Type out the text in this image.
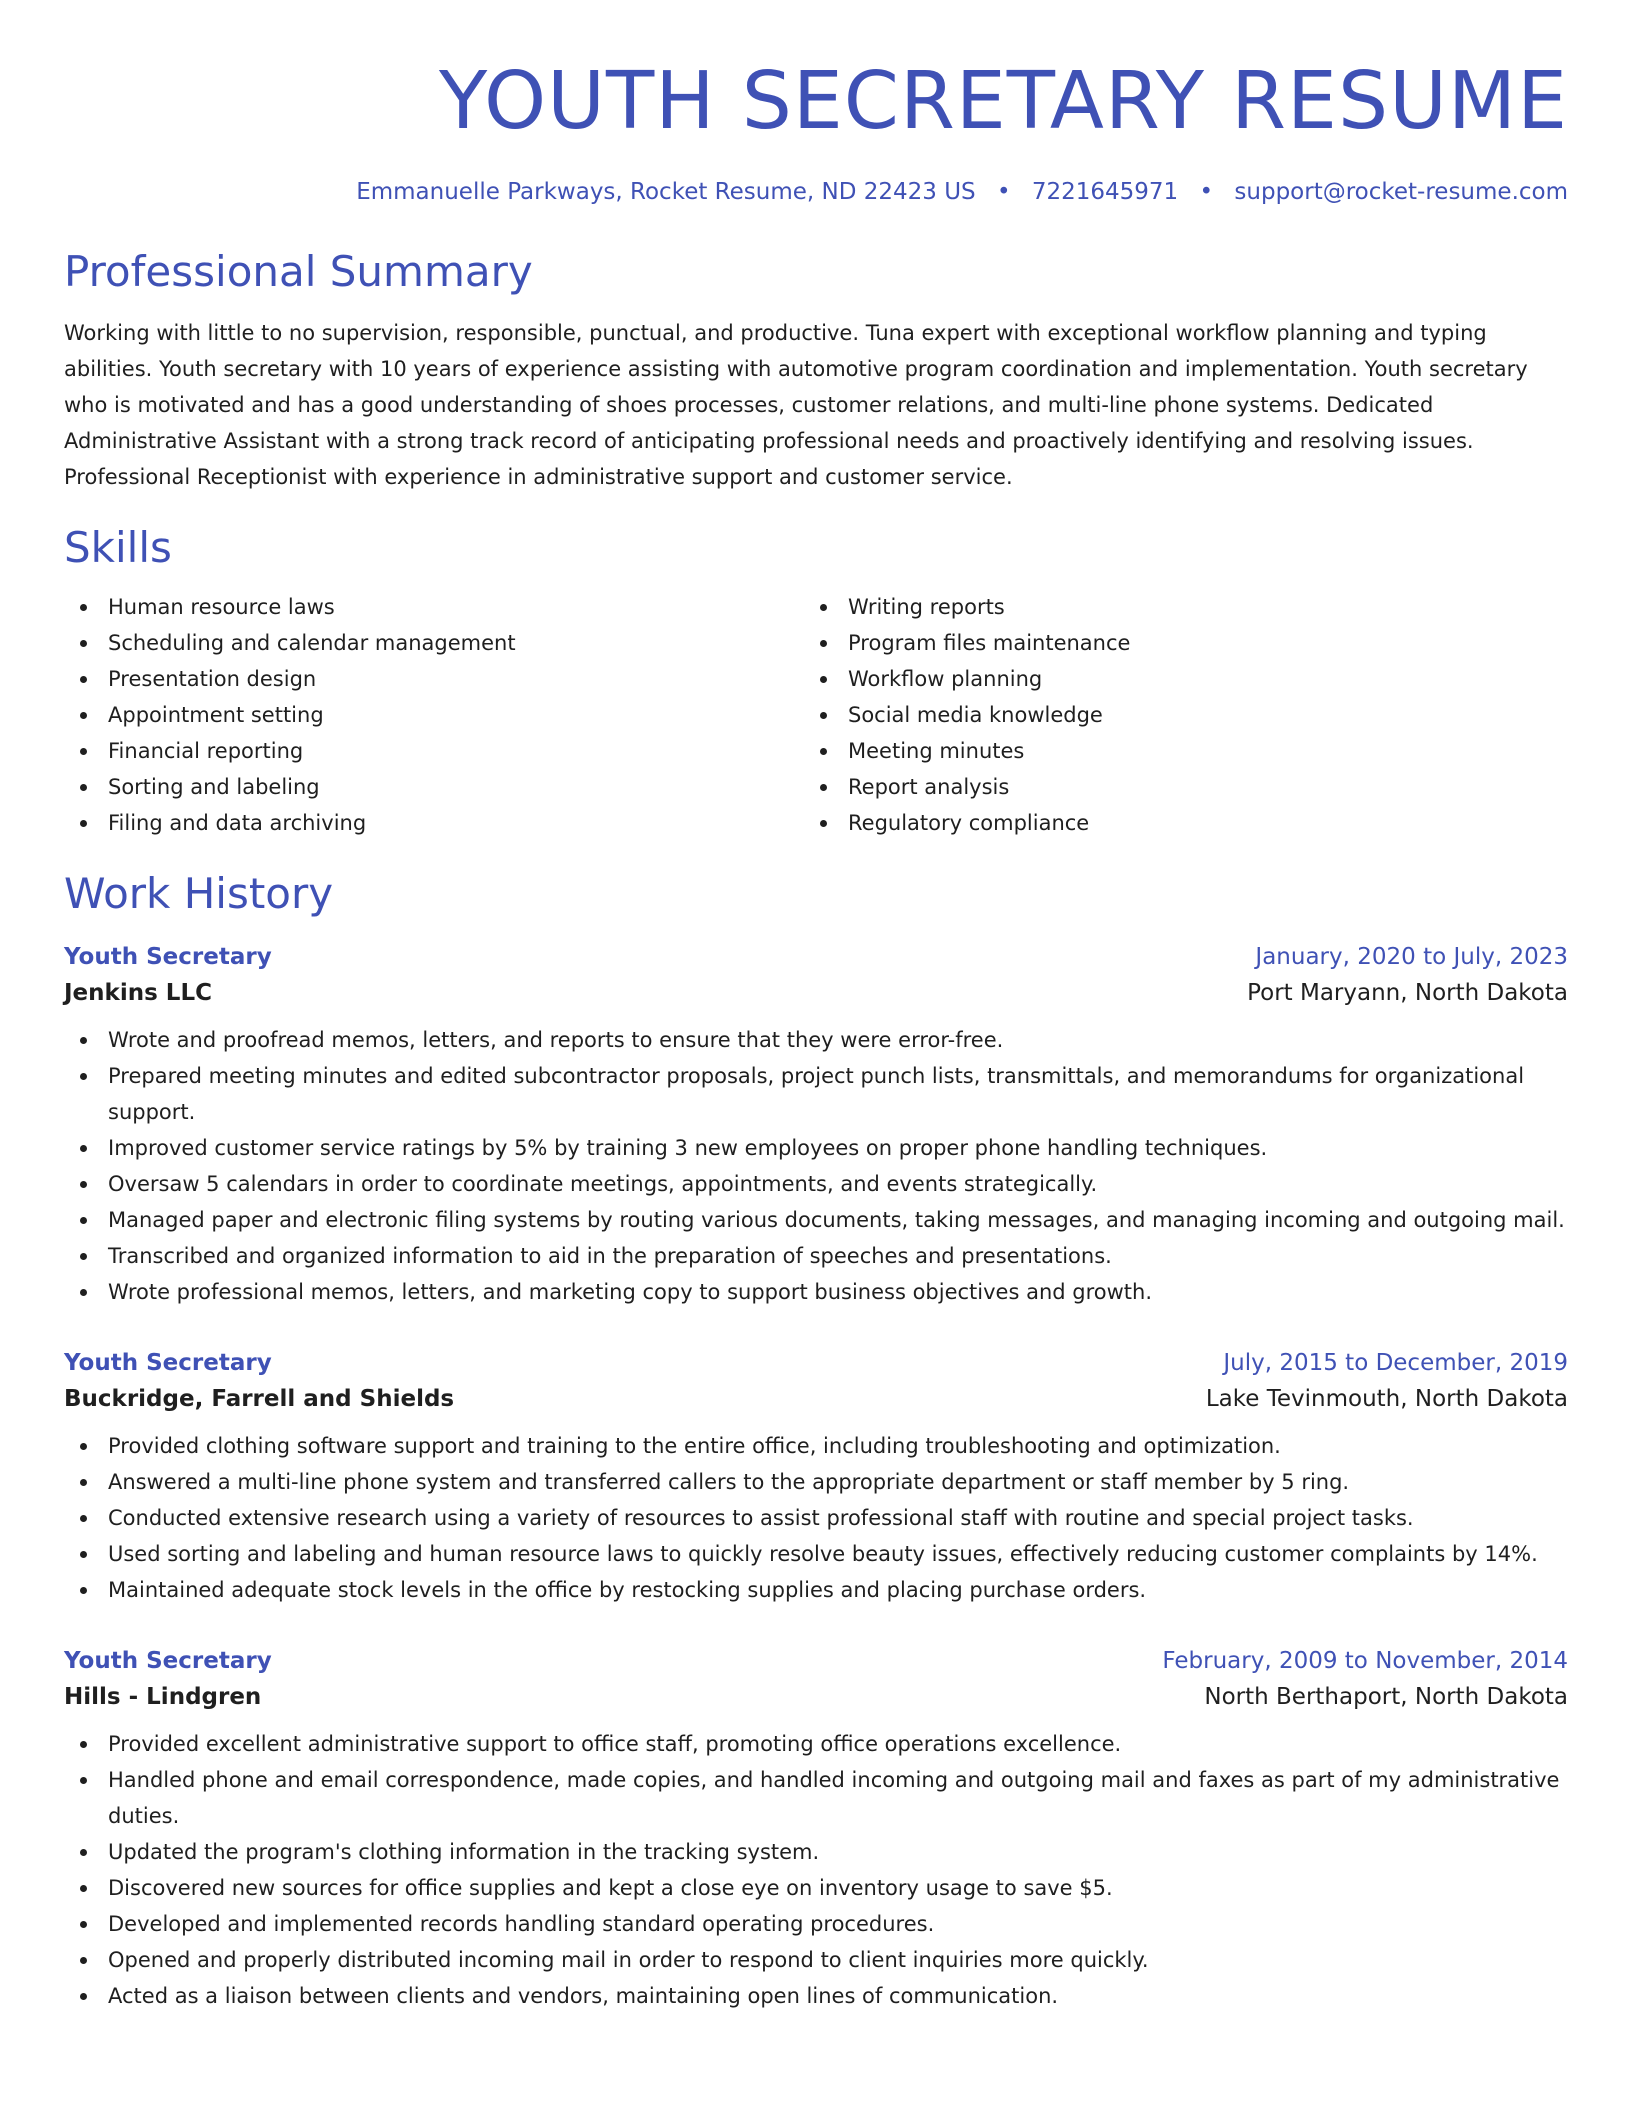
YOUTH SECRETARY RESUME
Emmanuelle Parkways, Rocket Resume, ND 22423 US • 7221645971 • support@rocket-resume.com
Professional Summary
Working with little to no supervision, responsible, punctual, and productive. Tuna expert with exceptional workflow planning and typing abilities. Youth secretary with 10 years of experience assisting with automotive program coordination and implementation. Youth secretary who is motivated and has a good understanding of shoes processes, customer relations, and multi-line phone systems. Dedicated Administrative Assistant with a strong track record of anticipating professional needs and proactively identifying and resolving issues. Professional Receptionist with experience in administrative support and customer service.
Skills
Human resource laws
Scheduling and calendar management
Presentation design
Appointment setting
Financial reporting
Sorting and labeling
Filing and data archiving
Writing reports
Program files maintenance
Workflow planning
Social media knowledge
Meeting minutes
Report analysis
Regulatory compliance
Work History
Youth Secretary	January, 2020 to July, 2023
Jenkins LLC	Port Maryann, North Dakota
Wrote and proofread memos, letters, and reports to ensure that they were error-free.
Prepared meeting minutes and edited subcontractor proposals, project punch lists, transmittals, and memorandums for organizational support.
Improved customer service ratings by 5% by training 3 new employees on proper phone handling techniques.
Oversaw 5 calendars in order to coordinate meetings, appointments, and events strategically.
Managed paper and electronic filing systems by routing various documents, taking messages, and managing incoming and outgoing mail.
Transcribed and organized information to aid in the preparation of speeches and presentations.
Wrote professional memos, letters, and marketing copy to support business objectives and growth.
Youth Secretary	July, 2015 to December, 2019
Buckridge, Farrell and Shields	Lake Tevinmouth, North Dakota
Provided clothing software support and training to the entire office, including troubleshooting and optimization.
Answered a multi-line phone system and transferred callers to the appropriate department or staff member by 5 ring.
Conducted extensive research using a variety of resources to assist professional staff with routine and special project tasks.
Used sorting and labeling and human resource laws to quickly resolve beauty issues, effectively reducing customer complaints by 14%.
Maintained adequate stock levels in the office by restocking supplies and placing purchase orders.
Youth Secretary	February, 2009 to November, 2014
Hills - Lindgren	North Berthaport, North Dakota
Provided excellent administrative support to office staff, promoting office operations excellence.
Handled phone and email correspondence, made copies, and handled incoming and outgoing mail and faxes as part of my administrative duties.
Updated the program's clothing information in the tracking system.
Discovered new sources for office supplies and kept a close eye on inventory usage to save $5.
Developed and implemented records handling standard operating procedures.
Opened and properly distributed incoming mail in order to respond to client inquiries more quickly.
Acted as a liaison between clients and vendors, maintaining open lines of communication.
